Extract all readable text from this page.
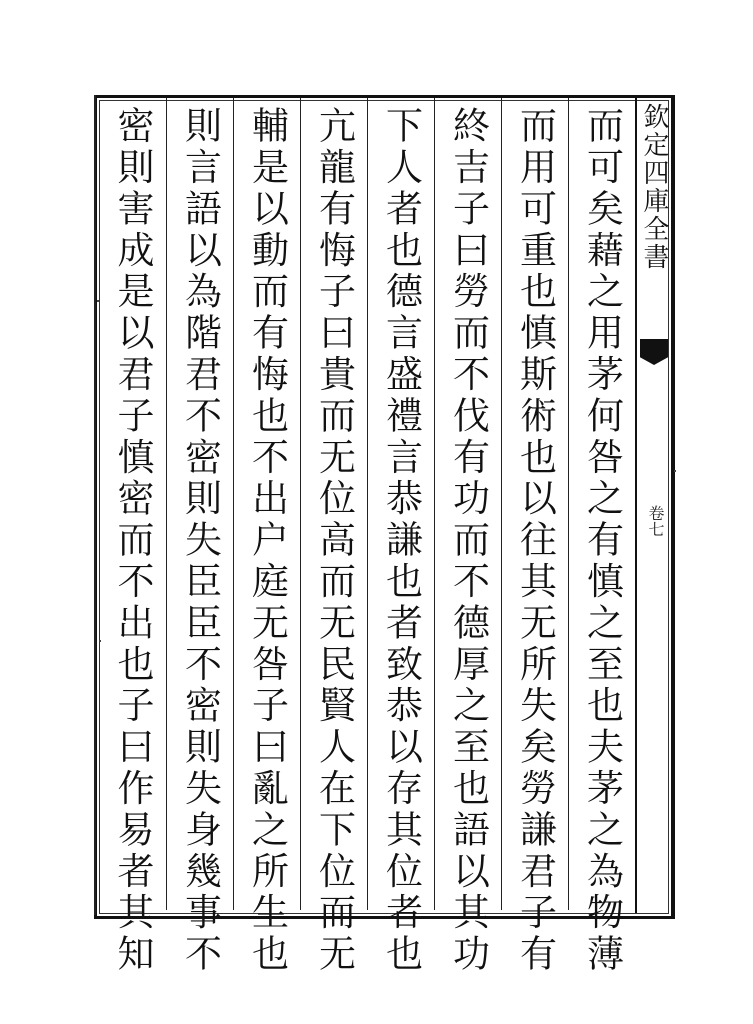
欽定四庫全書
卷七
而可矣藉之用茅何咎之有慎之至也夫茅之為物薄
而用可重也慎斯術也以往其无所失矣勞謙君子有
終吉子曰勞而不伐有功而不德厚之至也語以其功
下人者也德言盛禮言恭謙也者致恭以存其位者也
亢龍有悔子曰貴而无位高而无民賢人在下位而无
輔是以動而有悔也不出户庭无咎子曰亂之所生也
則言語以為階君不密則失臣臣不密則失身幾事不
密則害成是以君子慎密而不出也子曰作易者其知
